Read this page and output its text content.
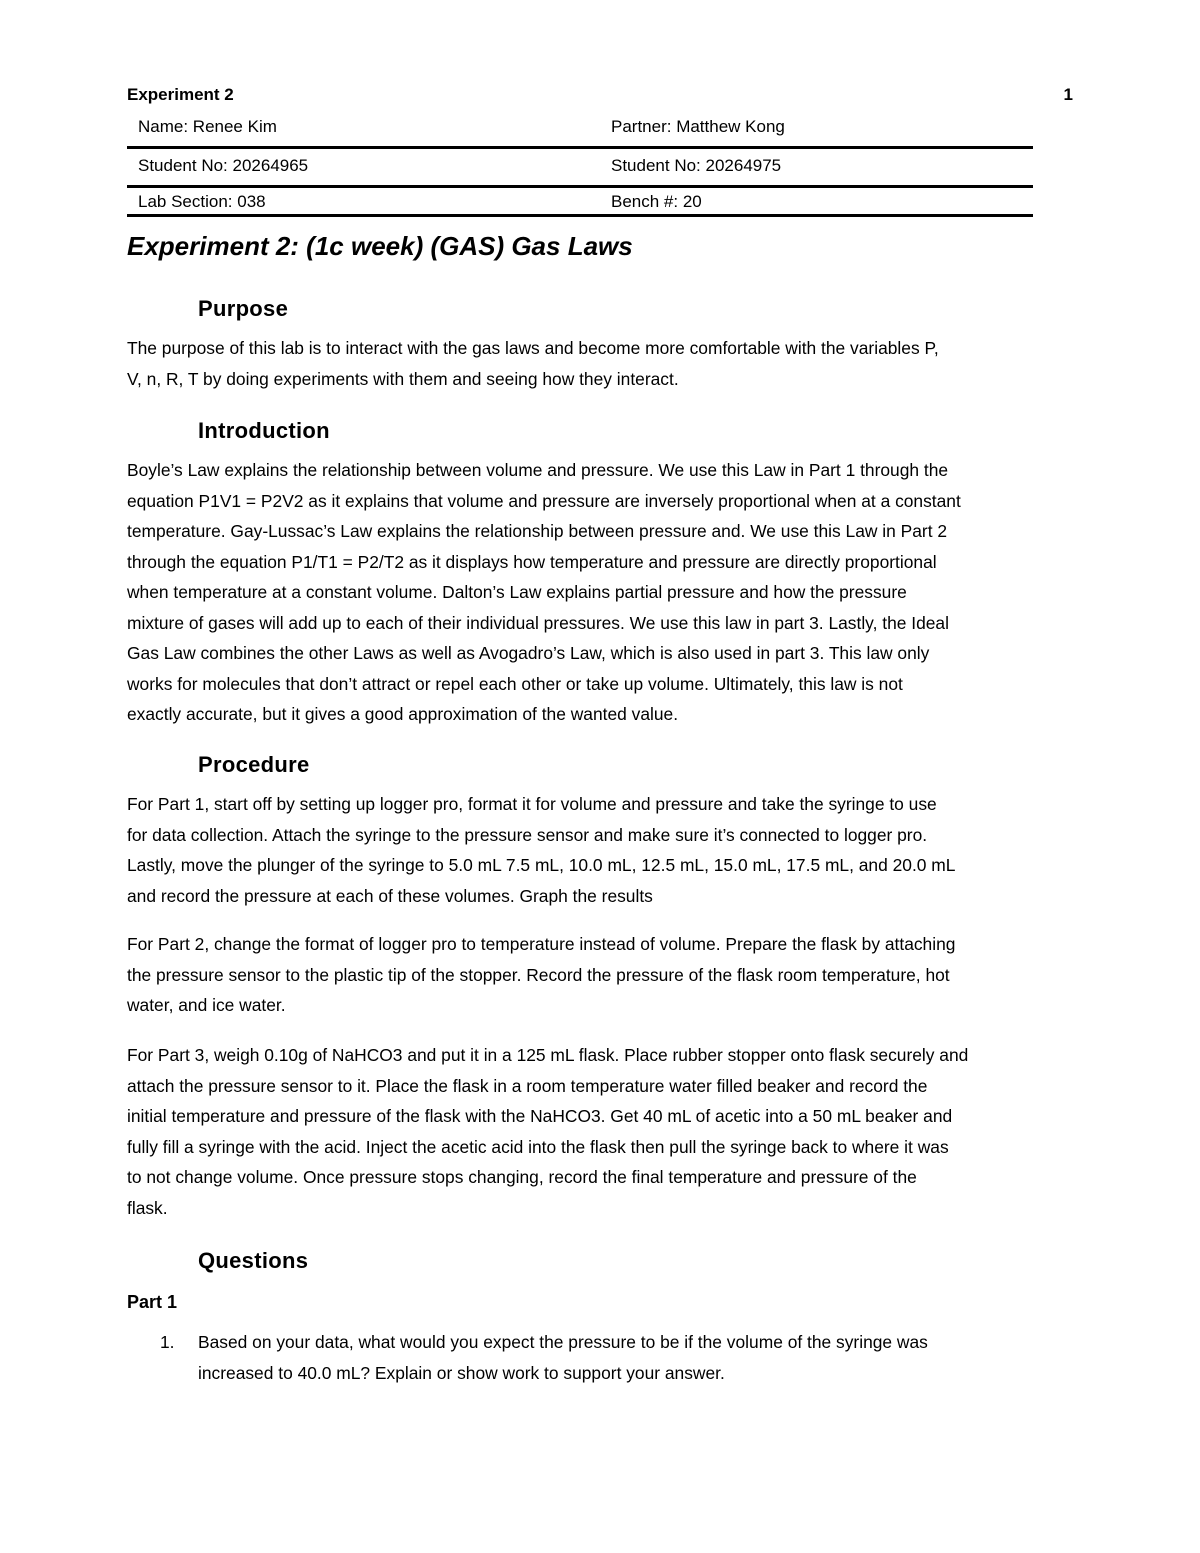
Experiment 2	1
Name: Renee Kim	Partner: Matthew Kong
Student No: 20264965	Student No: 20264975
Lab Section: 038	Bench #: 20
Experiment 2: (1c week) (GAS) Gas Laws
Purpose
The purpose of this lab is to interact with the gas laws and become more comfortable with the variables P,
V, n, R, T by doing experiments with them and seeing how they interact.
Introduction
Boyle’s Law explains the relationship between volume and pressure. We use this Law in Part 1 through the
equation P1V1 = P2V2 as it explains that volume and pressure are inversely proportional when at a constant
temperature. Gay-Lussac’s Law explains the relationship between pressure and. We use this Law in Part 2
through the equation P1/T1 = P2/T2 as it displays how temperature and pressure are directly proportional
when temperature at a constant volume. Dalton’s Law explains partial pressure and how the pressure
mixture of gases will add up to each of their individual pressures. We use this law in part 3. Lastly, the Ideal
Gas Law combines the other Laws as well as Avogadro’s Law, which is also used in part 3. This law only
works for molecules that don’t attract or repel each other or take up volume. Ultimately, this law is not
exactly accurate, but it gives a good approximation of the wanted value.
Procedure
For Part 1, start off by setting up logger pro, format it for volume and pressure and take the syringe to use
for data collection. Attach the syringe to the pressure sensor and make sure it’s connected to logger pro.
Lastly, move the plunger of the syringe to 5.0 mL 7.5 mL, 10.0 mL, 12.5 mL, 15.0 mL, 17.5 mL, and 20.0 mL
and record the pressure at each of these volumes. Graph the results
For Part 2, change the format of logger pro to temperature instead of volume. Prepare the flask by attaching
the pressure sensor to the plastic tip of the stopper. Record the pressure of the flask room temperature, hot
water, and ice water.
For Part 3, weigh 0.10g of NaHCO3 and put it in a 125 mL flask. Place rubber stopper onto flask securely and
attach the pressure sensor to it. Place the flask in a room temperature water filled beaker and record the
initial temperature and pressure of the flask with the NaHCO3. Get 40 mL of acetic into a 50 mL beaker and
fully fill a syringe with the acid. Inject the acetic acid into the flask then pull the syringe back to where it was
to not change volume. Once pressure stops changing, record the final temperature and pressure of the
flask.
Questions
Part 1
1. Based on your data, what would you expect the pressure to be if the volume of the syringe was
increased to 40.0 mL? Explain or show work to support your answer.
